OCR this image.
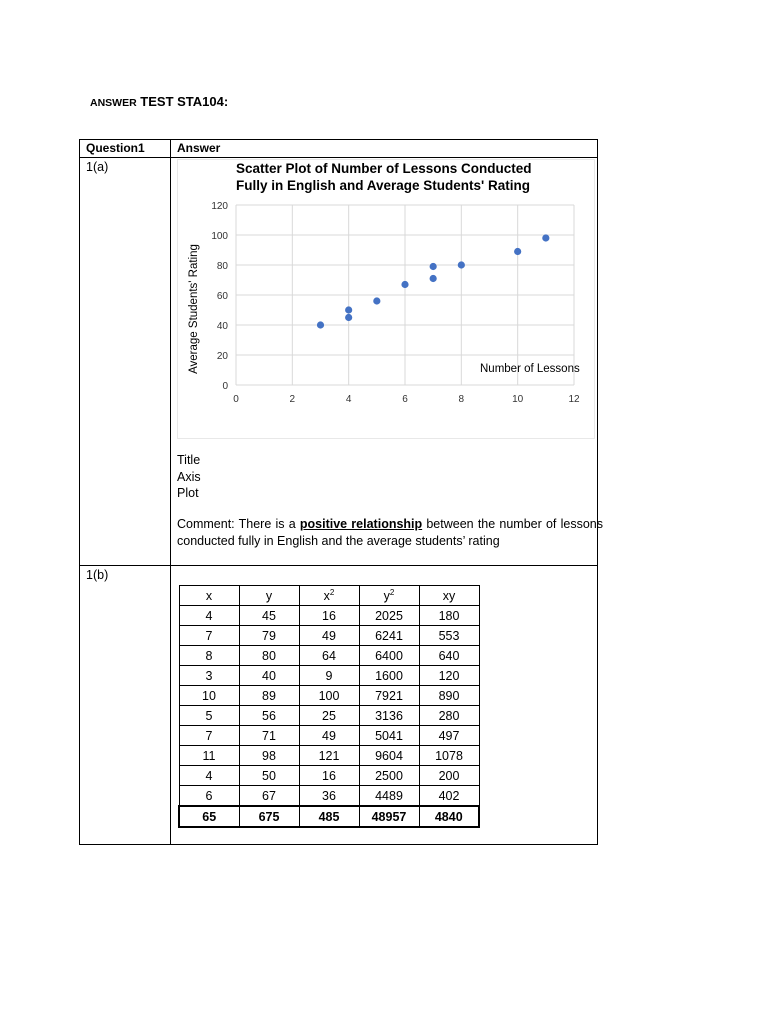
ANSWER TEST STA104:
Question1	Answer

1(a)	Scatter Plot of Number of Lessons Conducted
Fully in English and Average Students' Rating
0
20
40
60
80
100
120
0	2	4	6	8	10	12
Average Students' Rating	Number of Lessons
Title
Axis
Plot
Comment: There is a positive relationship between the number of lessons conducted fully in English and the average students’ rating

1(b)

x	y	$x^2$	$y^2$	xy
4	45	16	2025	180
7	79	49	6241	553
8	80	64	6400	640
3	40	9	1600	120
10	89	100	7921	890
5	56	25	3136	280
7	71	49	5041	497
11	98	121	9604	1078
4	50	16	2500	200
6	67	36	4489	402
65	675	485	48957	4840
